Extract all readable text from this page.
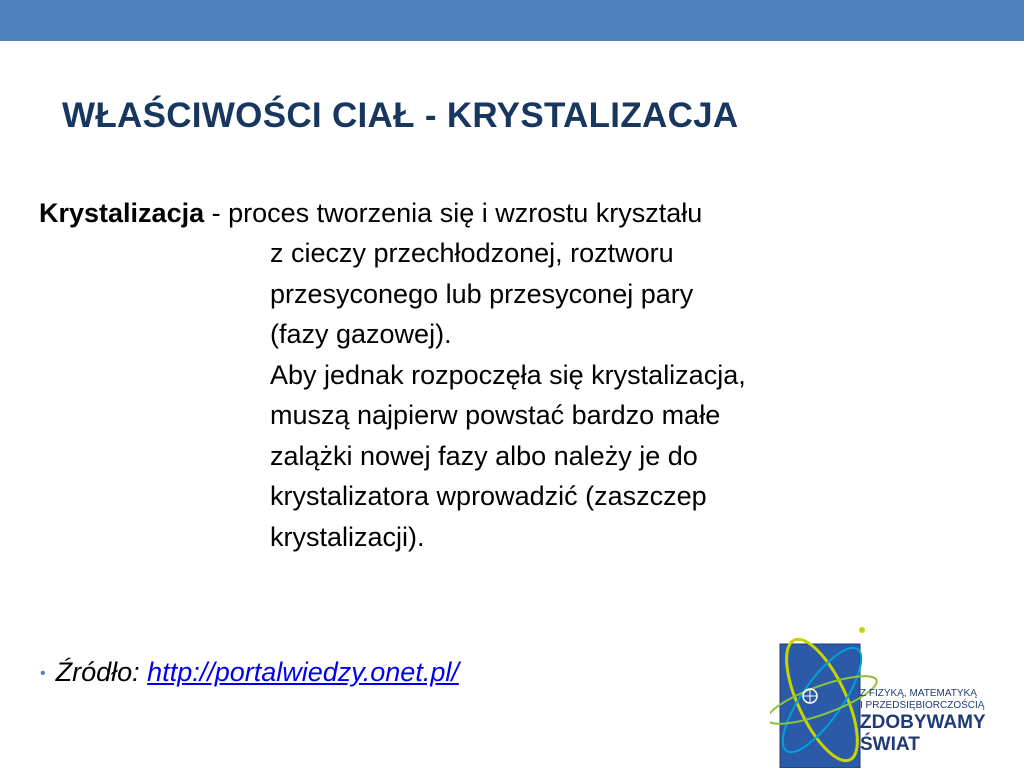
WŁAŚCIWOŚCI CIAŁ - KRYSTALIZACJA
Krystalizacja - proces tworzenia się i wzrostu kryształu
z cieczy przechłodzonej, roztworu
przesyconego lub przesyconej pary
(fazy gazowej).
Aby jednak rozpoczęła się krystalizacja,
muszą najpierw powstać bardzo małe
zalążki nowej fazy albo należy je do
krystalizatora wprowadzić (zaszczep
krystalizacji).
• Źródło: http://portalwiedzy.onet.pl/
Z FIZYKĄ, MATEMATYKĄ
I PRZEDSIĘBIORCZOŚCIĄ
ZDOBYWAMY
ŚWIAT
